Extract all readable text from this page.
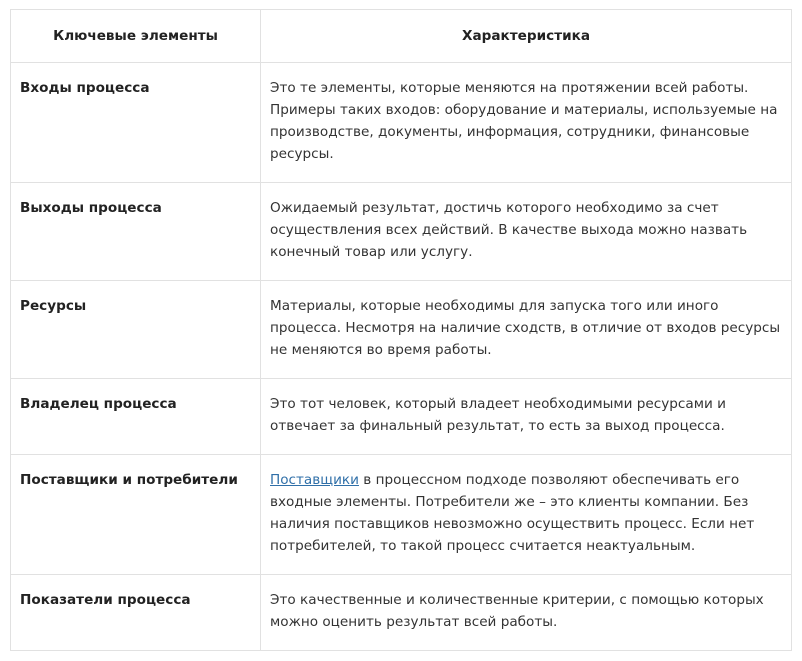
Ключевые элементы	Характеристика
Входы процесса	Это те элементы, которые меняются на протяжении всей работы. Примеры таких входов: оборудование и материалы, используемые на производстве, документы, информация, сотрудники, финансовые ресурсы.
Выходы процесса	Ожидаемый результат, достичь которого необходимо за счет осуществления всех действий. В качестве выхода можно назвать конечный товар или услугу.
Ресурсы	Материалы, которые необходимы для запуска того или иного процесса. Несмотря на наличие сходств, в отличие от входов ресурсы не меняются во время работы.
Владелец процесса	Это тот человек, который владеет необходимыми ресурсами и отвечает за финальный результат, то есть за выход процесса.
Поставщики и потребители	Поставщики в процессном подходе позволяют обеспечивать его входные элементы. Потребители же – это клиенты компании. Без наличия поставщиков невозможно осуществить процесс. Если нет потребителей, то такой процесс считается неактуальным.
Показатели процесса	Это качественные и количественные критерии, с помощью которых можно оценить результат всей работы.
